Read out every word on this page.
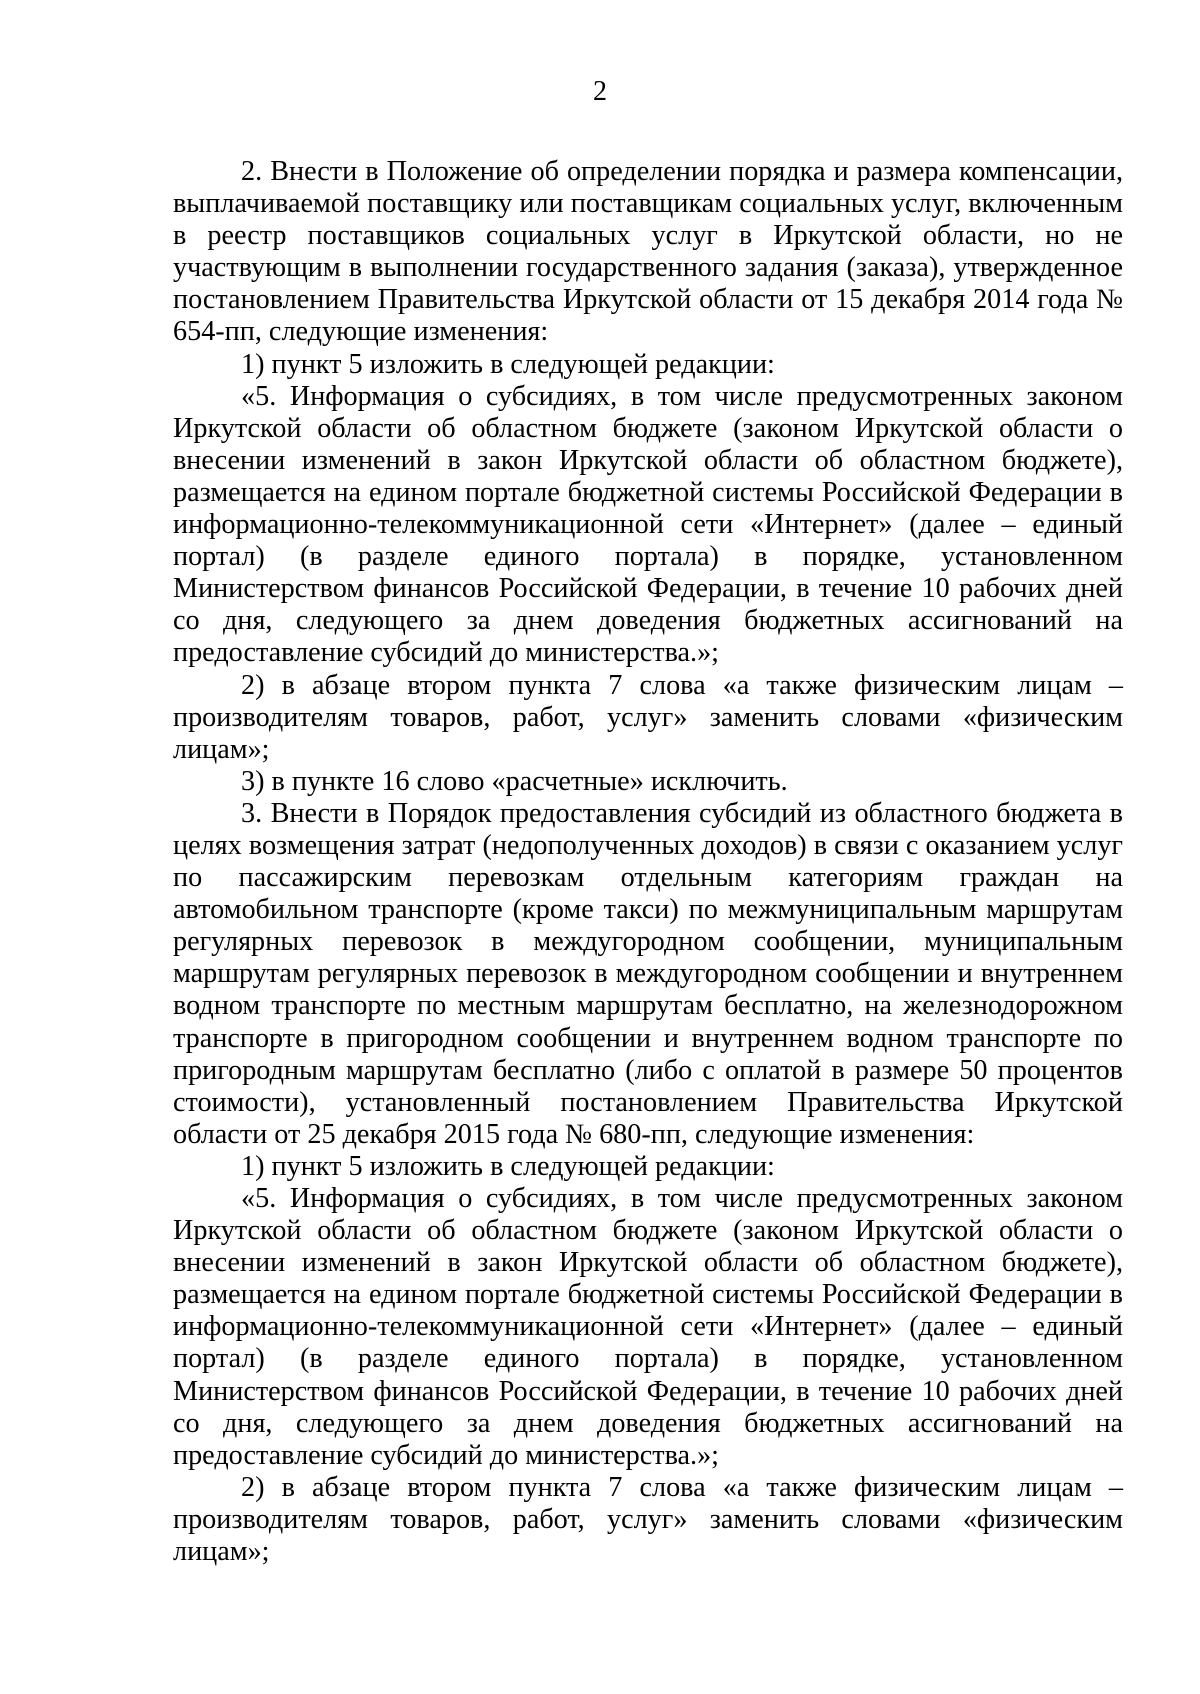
2

2. Внести в Положение об определении порядка и размера компенсации, выплачиваемой поставщику или поставщикам социальных услуг, включенным в реестр поставщиков социальных услуг в Иркутской области, но не участвующим в выполнении государственного задания (заказа), утвержденное постановлением Правительства Иркутской области от 15 декабря 2014 года № 654-пп, следующие изменения:

1) пункт 5 изложить в следующей редакции:

«5. Информация о субсидиях, в том числе предусмотренных законом Иркутской области об областном бюджете (законом Иркутской области о внесении изменений в закон Иркутской области об областном бюджете), размещается на едином портале бюджетной системы Российской Федерации в информационно-телекоммуникационной сети «Интернет» (далее – единый портал) (в разделе единого портала) в порядке, установленном Министерством финансов Российской Федерации, в течение 10 рабочих дней со дня, следующего за днем доведения бюджетных ассигнований на предоставление субсидий до министерства.»;

2) в абзаце втором пункта 7 слова «а также физическим лицам – производителям товаров, работ, услуг» заменить словами «физическим лицам»;

3) в пункте 16 слово «расчетные» исключить.

3. Внести в Порядок предоставления субсидий из областного бюджета в целях возмещения затрат (недополученных доходов) в связи с оказанием услуг по пассажирским перевозкам отдельным категориям граждан на автомобильном транспорте (кроме такси) по межмуниципальным маршрутам регулярных перевозок в междугородном сообщении, муниципальным маршрутам регулярных перевозок в междугородном сообщении и внутреннем водном транспорте по местным маршрутам бесплатно, на железнодорожном транспорте в пригородном сообщении и внутреннем водном транспорте по пригородным маршрутам бесплатно (либо с оплатой в размере 50 процентов стоимости), установленный постановлением Правительства Иркутской области от 25 декабря 2015 года № 680-пп, следующие изменения:

1) пункт 5 изложить в следующей редакции:

«5. Информация о субсидиях, в том числе предусмотренных законом Иркутской области об областном бюджете (законом Иркутской области о внесении изменений в закон Иркутской области об областном бюджете), размещается на едином портале бюджетной системы Российской Федерации в информационно-телекоммуникационной сети «Интернет» (далее – единый портал) (в разделе единого портала) в порядке, установленном Министерством финансов Российской Федерации, в течение 10 рабочих дней со дня, следующего за днем доведения бюджетных ассигнований на предоставление субсидий до министерства.»;

2) в абзаце втором пункта 7 слова «а также физическим лицам – производителям товаров, работ, услуг» заменить словами «физическим лицам»;
